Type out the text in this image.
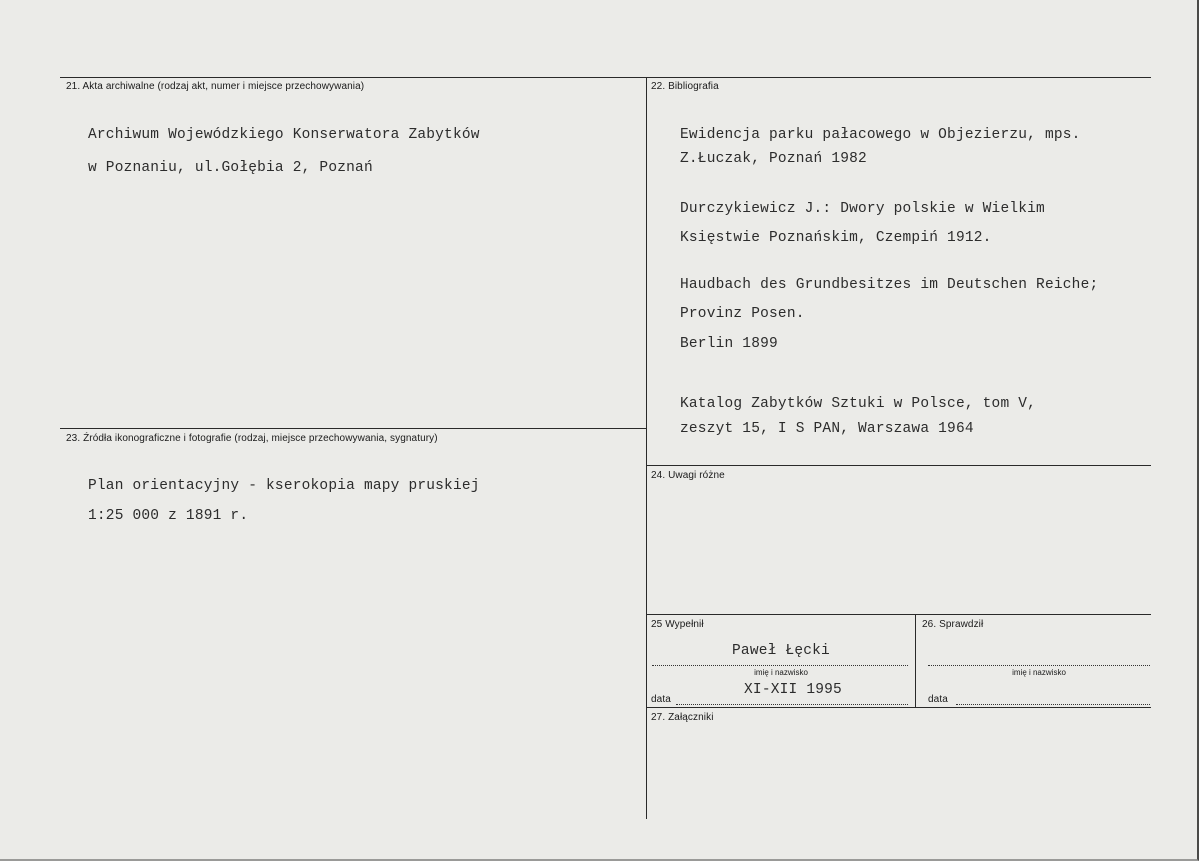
21. Akta archiwalne (rodzaj akt, numer i miejsce przechowywania)
Archiwum Wojewódzkiego Konserwatora Zabytków
w Poznaniu, ul.Gołębia 2, Poznań
22. Bibliografia
Ewidencja parku pałacowego w Objezierzu, mps.
Z.Łuczak, Poznań 1982
Durczykiewicz J.: Dwory polskie w Wielkim
Księstwie Poznańskim, Czempiń 1912.
Haudbach des Grundbesitzes im Deutschen Reiche;
Provinz Posen.
Berlin 1899
Katalog Zabytków Sztuki w Polsce, tom V,
zeszyt 15, I S PAN, Warszawa 1964
23. Źródła ikonograficzne i fotografie (rodzaj, miejsce przechowywania, sygnatury)
Plan orientacyjny - kserokopia mapy pruskiej
1:25 000 z 1891 r.
24. Uwagi różne
25 Wypełnił
Paweł Łęcki
imię i nazwisko
data
XI-XII 1995
26. Sprawdził
imię i nazwisko
data
27. Załączniki
